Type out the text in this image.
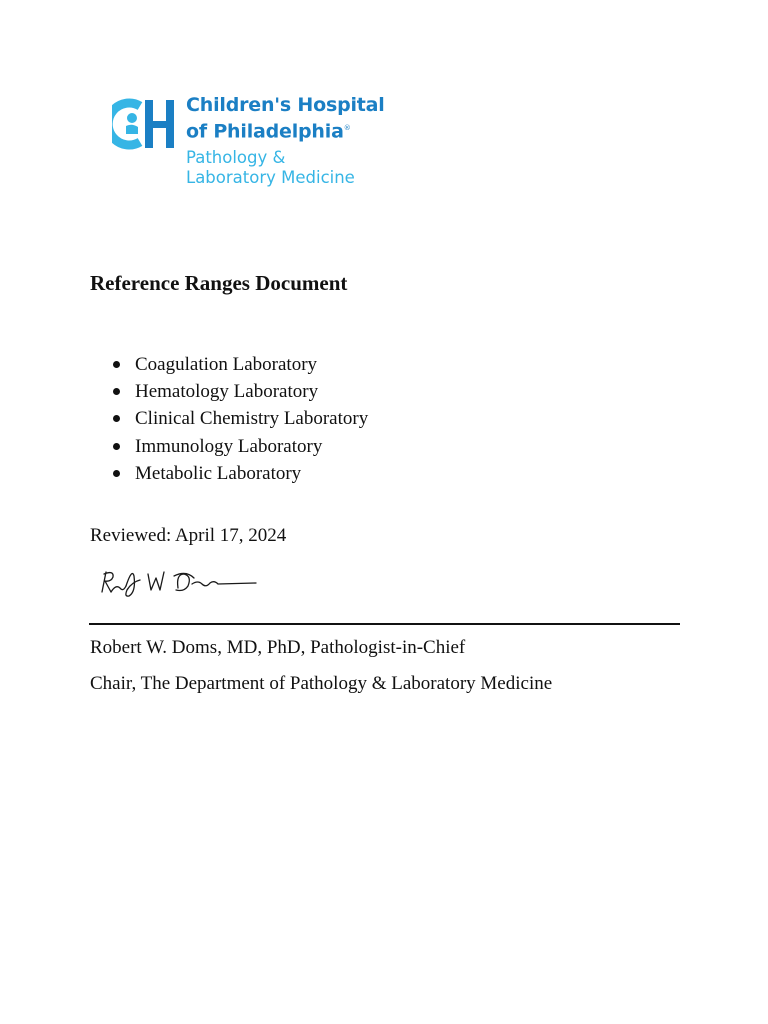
Children's Hospital
of Philadelphia®
Pathology &
Laboratory Medicine
Reference Ranges Document
Coagulation Laboratory
Hematology Laboratory
Clinical Chemistry Laboratory
Immunology Laboratory
Metabolic Laboratory
Reviewed: April 17, 2024
Robert W. Doms, MD, PhD, Pathologist-in-Chief
Chair, The Department of Pathology & Laboratory Medicine
